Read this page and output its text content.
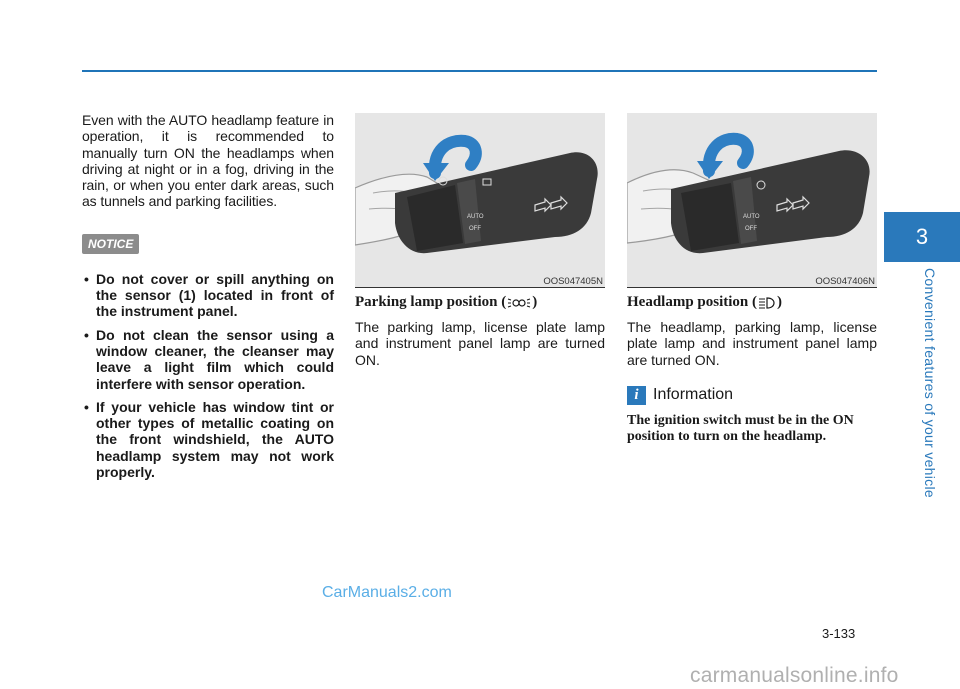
3
Convenient features of your vehicle

Even with the AUTO headlamp feature in operation, it is recommended to manually turn ON the headlamps when driving at night or in a fog, driving in the rain, or when you enter dark areas, such as tunnels and parking facilities.

NOTICE
• Do not cover or spill anything on the sensor (1) located in front of the instrument panel.
• Do not clean the sensor using a window cleaner, the cleanser may leave a light film which could interfere with sensor operation.
• If your vehicle has window tint or other types of metallic coating on the front windshield, the AUTO headlamp system may not work properly.
AUTO
OFF
OOS047405N
AUTO
OFF
OOS047406N
Parking lamp position ( )

The parking lamp, license plate lamp and instrument panel lamp are turned ON.

Headlamp position ( )

The headlamp, parking lamp, license plate lamp and instrument panel lamp are turned ON.

i Information

The ignition switch must be in the ON position to turn on the headlamp.

3-133
CarManuals2.com
carmanualsonline.info
